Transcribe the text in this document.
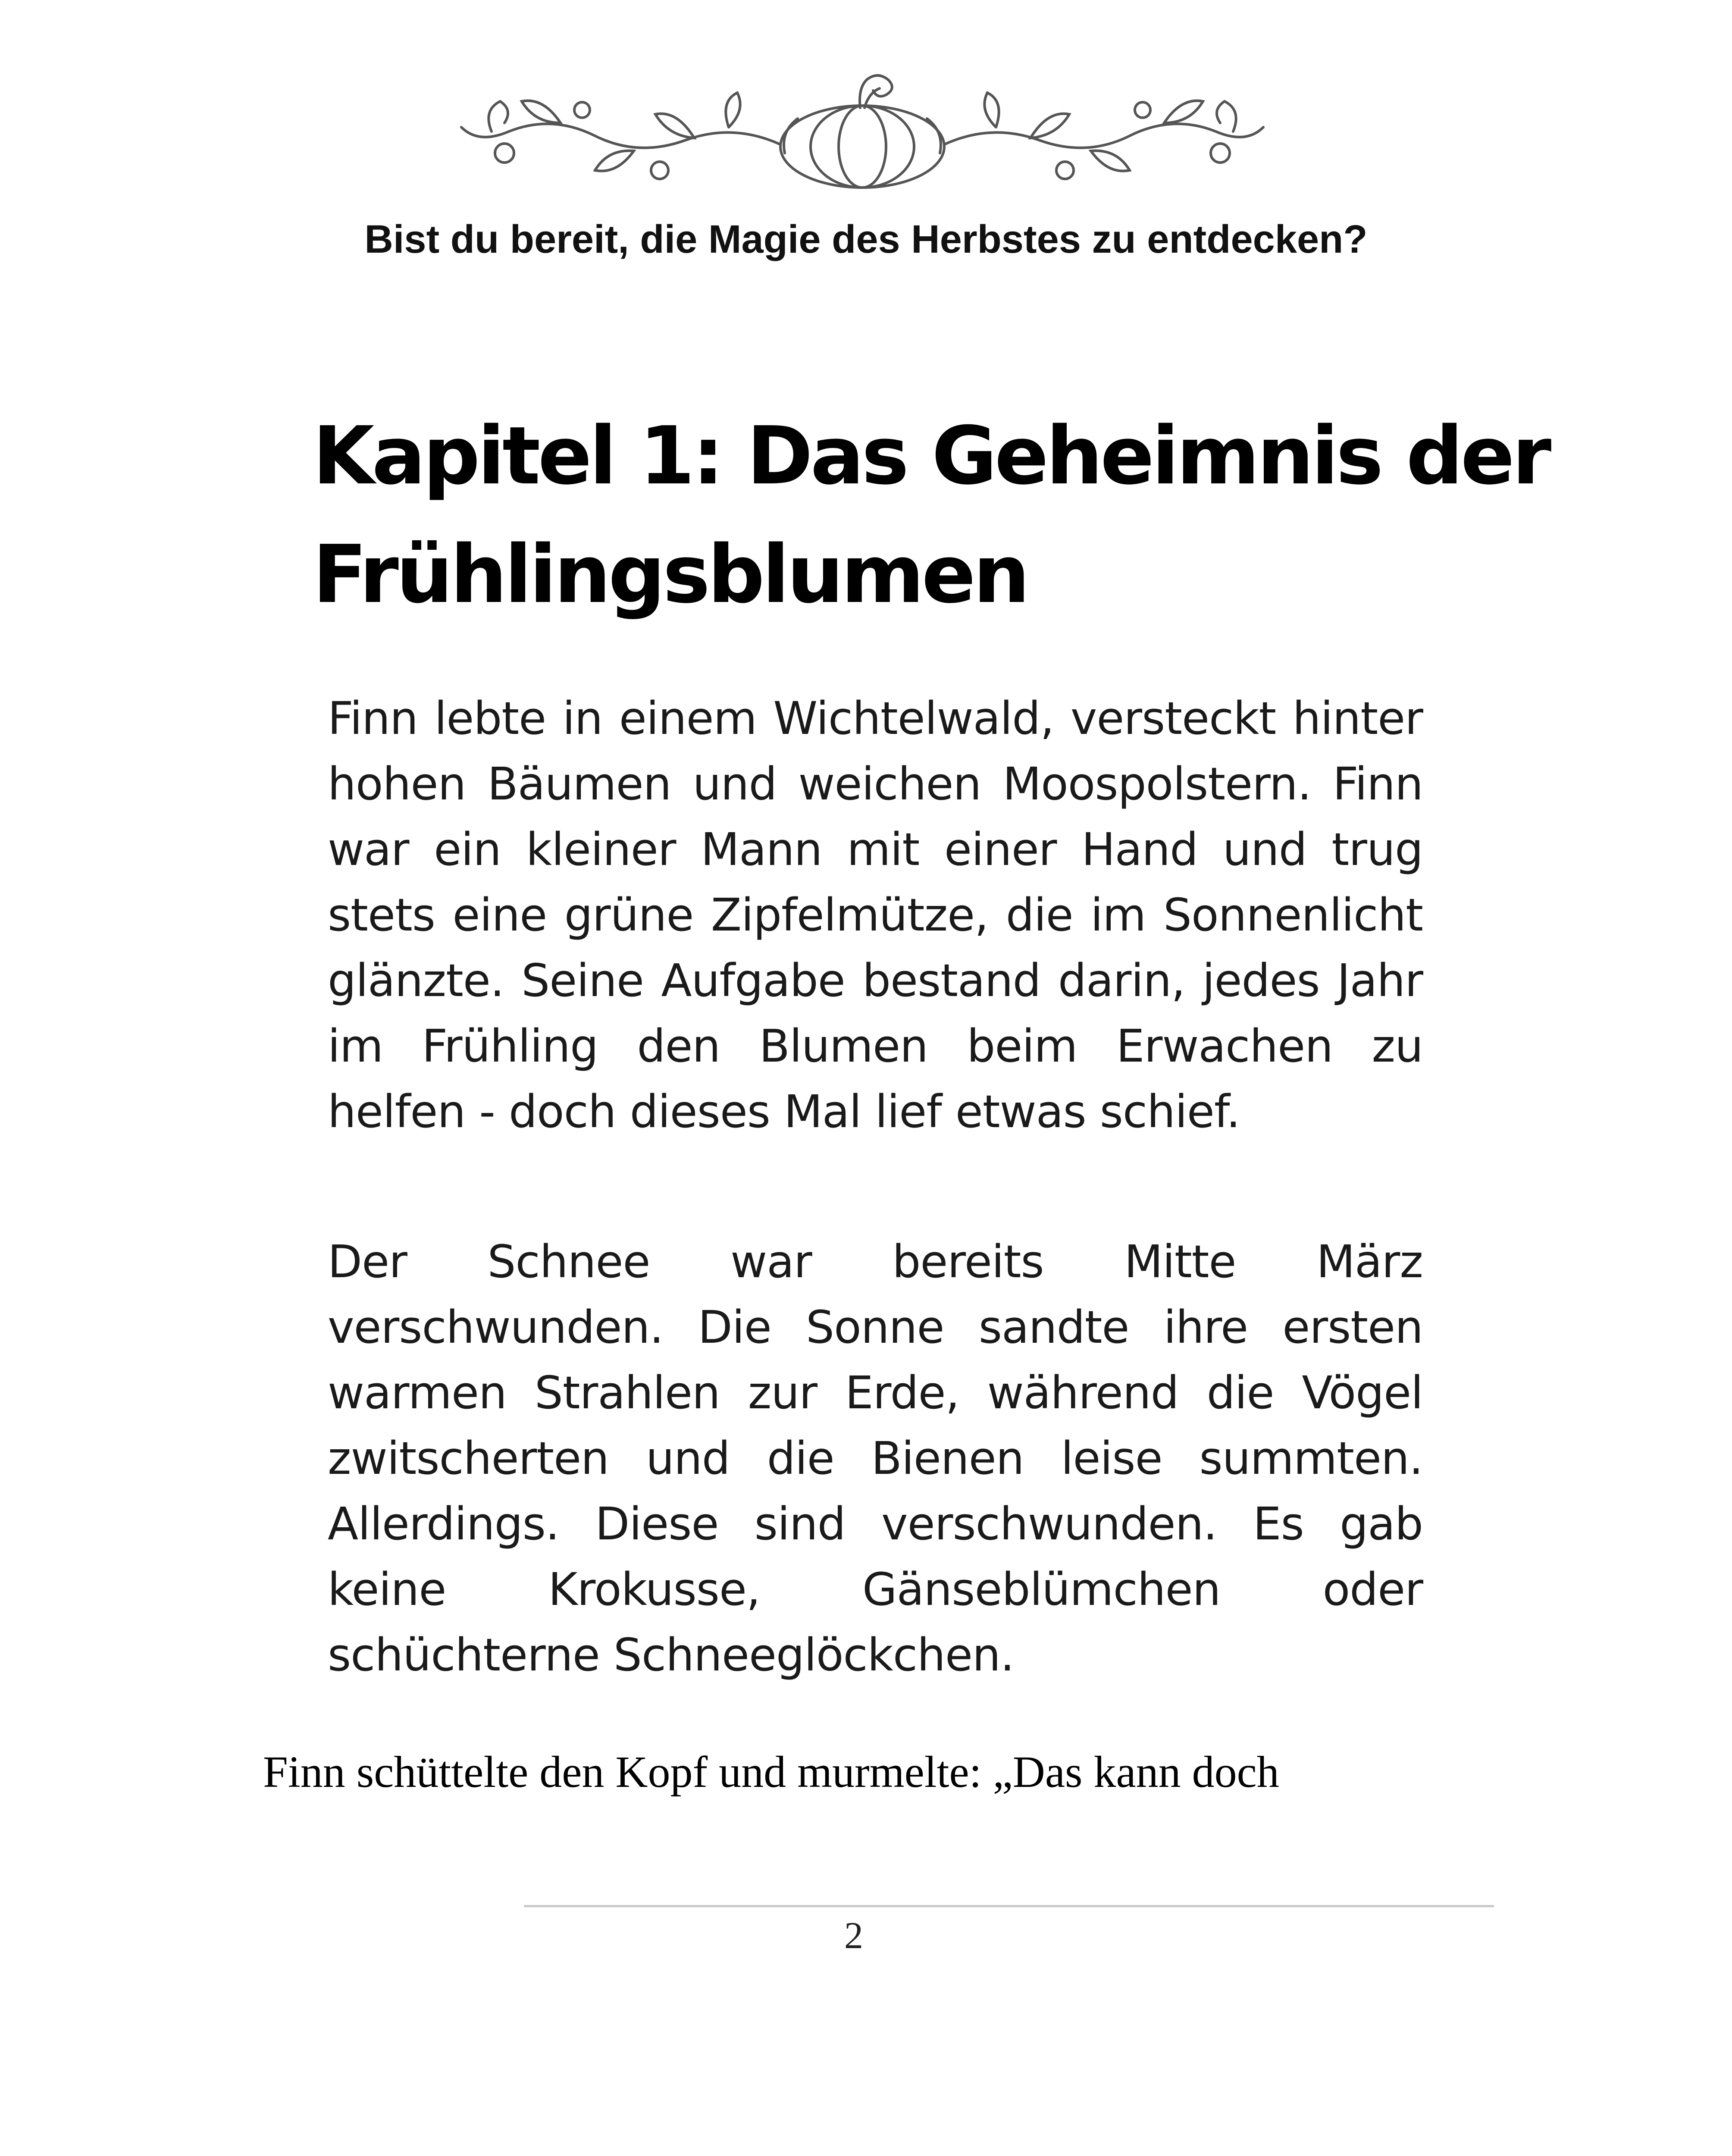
Bist du bereit, die Magie des Herbstes zu entdecken?
Kapitel 1: Das Geheimnis der Frühlingsblumen

Finn lebte in einem Wichtelwald, versteckt hinter hohen Bäumen und weichen Moospolstern. Finn war ein kleiner Mann mit einer Hand und trug stets eine grüne Zipfelmütze, die im Sonnenlicht glänzte. Seine Aufgabe bestand darin, jedes Jahr im Frühling den Blumen beim Erwachen zu helfen - doch dieses Mal lief etwas schief.

Der Schnee war bereits Mitte März verschwunden. Die Sonne sandte ihre ersten warmen Strahlen zur Erde, während die Vögel zwitscherten und die Bienen leise summten. Allerdings. Diese sind verschwunden. Es gab keine Krokusse, Gänseblümchen oder schüchterne Schneeglöckchen.

Finn schüttelte den Kopf und murmelte: „Das kann doch
2
